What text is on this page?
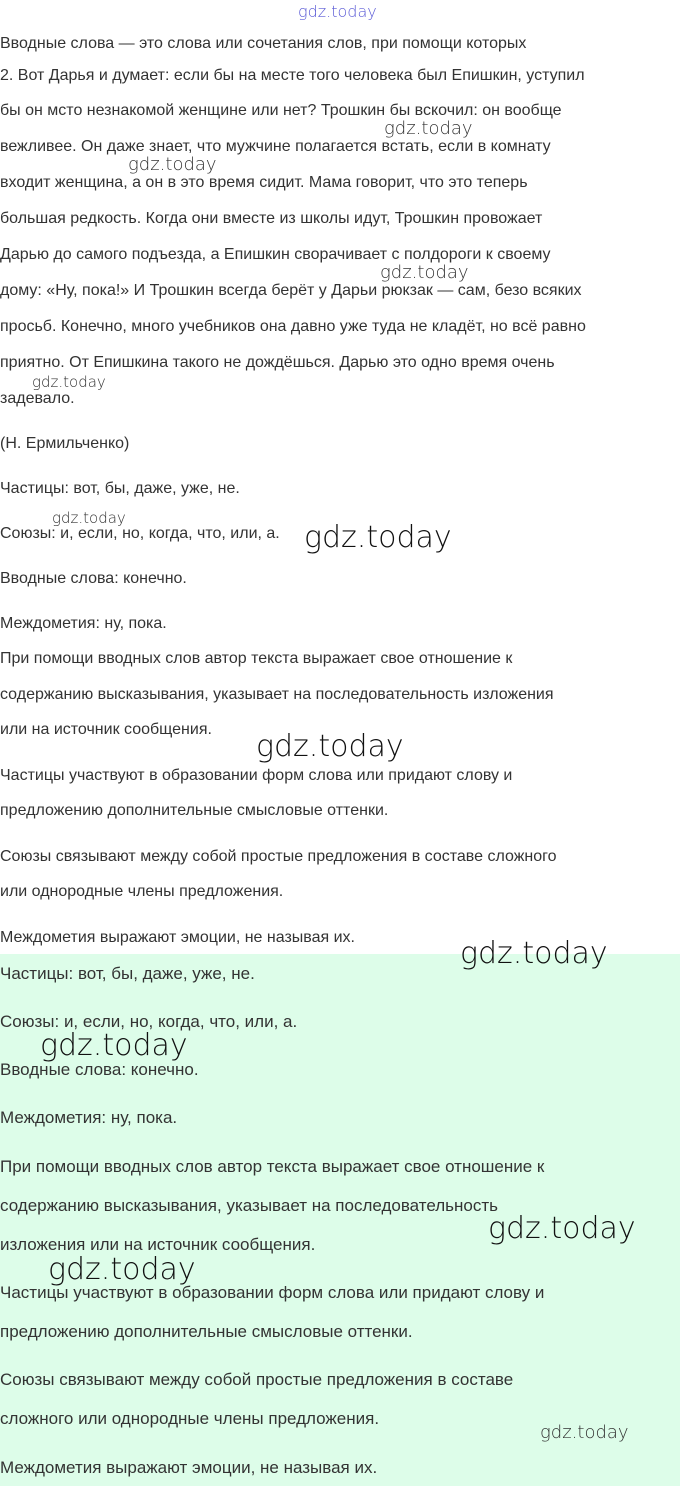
Вводные слова — это слова или сочетания слов, при помощи которых
2. Вот Дарья и думает: если бы на месте того человека был Епишкин, уступил
бы он мсто незнакомой женщине или нет? Трошкин бы вскочил: он вообще
вежливее. Он даже знает, что мужчине полагается встать, если в комнату
входит женщина, а он в это время сидит. Мама говорит, что это теперь
большая редкость. Когда они вместе из школы идут, Трошкин провожает
Дарью до самого подъезда, а Епишкин сворачивает с полдороги к своему
дому: «Ну, пока!» И Трошкин всегда берёт у Дарьи рюкзак — сам, безо всяких
просьб. Конечно, много учебников она давно уже туда не кладёт, но всё равно
приятно. От Епишкина такого не дождёшься. Дарью это одно время очень
задевало.
(Н. Ермильченко)
Частицы: вот, бы, даже, уже, не.
Союзы: и, если, но, когда, что, или, а.
Вводные слова: конечно.
Междометия: ну, пока.
При помощи вводных слов автор текста выражает свое отношение к
содержанию высказывания, указывает на последовательность изложения
или на источник сообщения.
Частицы участвуют в образовании форм слова или придают слову и
предложению дополнительные смысловые оттенки.
Союзы связывают между собой простые предложения в составе сложного
или однородные члены предложения.
Междометия выражают эмоции, не называя их.
Частицы: вот, бы, даже, уже, не.
Союзы: и, если, но, когда, что, или, а.
Вводные слова: конечно.
Междометия: ну, пока.
При помощи вводных слов автор текста выражает свое отношение к
содержанию высказывания, указывает на последовательность
изложения или на источник сообщения.
Частицы участвуют в образовании форм слова или придают слову и
предложению дополнительные смысловые оттенки.
Союзы связывают между собой простые предложения в составе
сложного или однородные члены предложения.
Междометия выражают эмоции, не называя их.
gdz.today
gdz.today
gdz.today
gdz.today
gdz.today
gdz.today
gdz.today
gdz.today
gdz.today
gdz.today
gdz.today
gdz.today
gdz.today
